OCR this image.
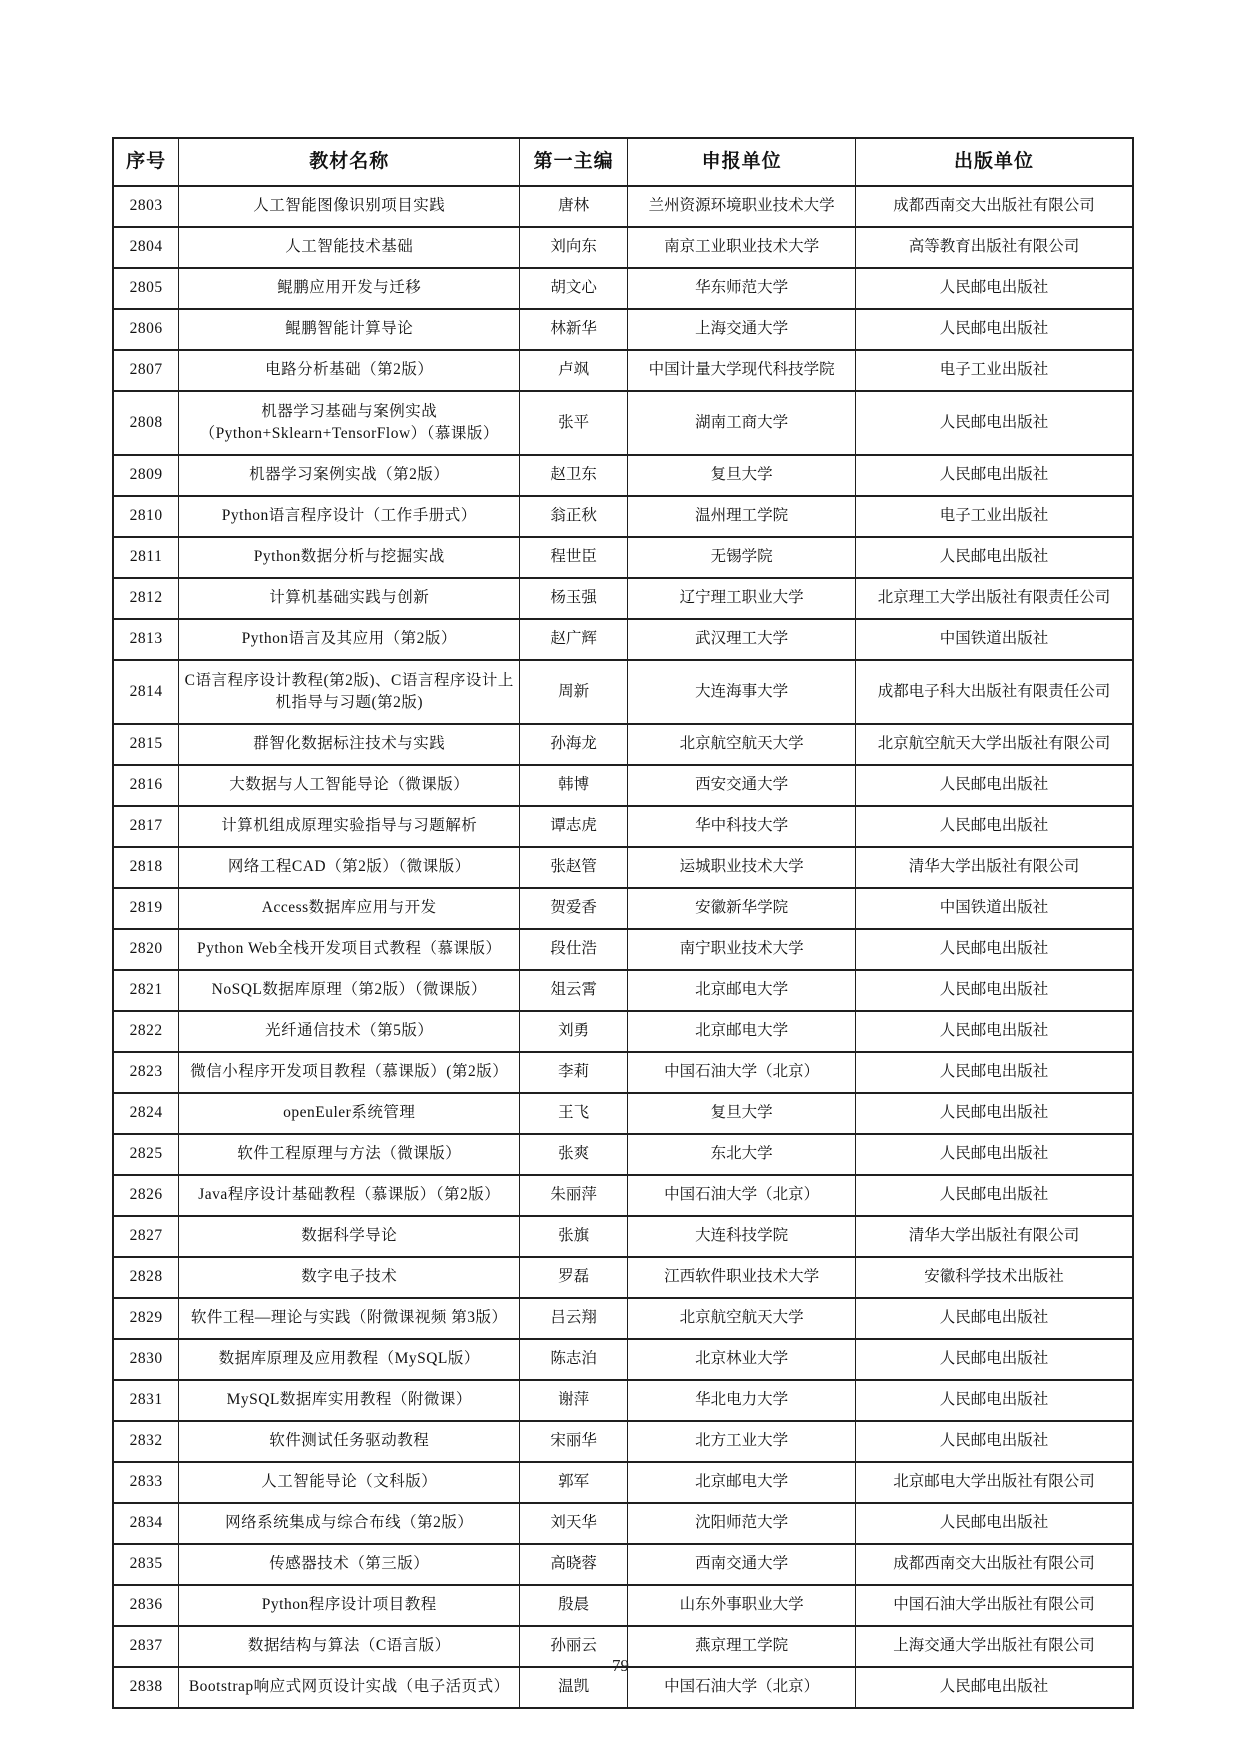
序号	教材名称	第一主编	申报单位	出版单位
2803	人工智能图像识别项目实践	唐林	兰州资源环境职业技术大学	成都西南交大出版社有限公司
2804	人工智能技术基础	刘向东	南京工业职业技术大学	高等教育出版社有限公司
2805	鲲鹏应用开发与迁移	胡文心	华东师范大学	人民邮电出版社
2806	鲲鹏智能计算导论	林新华	上海交通大学	人民邮电出版社
2807	电路分析基础（第2版）	卢飒	中国计量大学现代科技学院	电子工业出版社
2808	机器学习基础与案例实战
（Python+Sklearn+TensorFlow）（慕课版）	张平	湖南工商大学	人民邮电出版社
2809	机器学习案例实战（第2版）	赵卫东	复旦大学	人民邮电出版社
2810	Python语言程序设计（工作手册式）	翁正秋	温州理工学院	电子工业出版社
2811	Python数据分析与挖掘实战	程世臣	无锡学院	人民邮电出版社
2812	计算机基础实践与创新	杨玉强	辽宁理工职业大学	北京理工大学出版社有限责任公司
2813	Python语言及其应用（第2版）	赵广辉	武汉理工大学	中国铁道出版社
2814	C语言程序设计教程(第2版)、C语言程序设计上
机指导与习题(第2版)	周新	大连海事大学	成都电子科大出版社有限责任公司
2815	群智化数据标注技术与实践	孙海龙	北京航空航天大学	北京航空航天大学出版社有限公司
2816	大数据与人工智能导论（微课版）	韩博	西安交通大学	人民邮电出版社
2817	计算机组成原理实验指导与习题解析	谭志虎	华中科技大学	人民邮电出版社
2818	网络工程CAD（第2版）（微课版）	张赵管	运城职业技术大学	清华大学出版社有限公司
2819	Access数据库应用与开发	贺爱香	安徽新华学院	中国铁道出版社
2820	Python Web全栈开发项目式教程（慕课版）	段仕浩	南宁职业技术大学	人民邮电出版社
2821	NoSQL数据库原理（第2版）（微课版）	俎云霄	北京邮电大学	人民邮电出版社
2822	光纤通信技术（第5版）	刘勇	北京邮电大学	人民邮电出版社
2823	微信小程序开发项目教程（慕课版）(第2版）	李莉	中国石油大学（北京）	人民邮电出版社
2824	openEuler系统管理	王飞	复旦大学	人民邮电出版社
2825	软件工程原理与方法（微课版）	张爽	东北大学	人民邮电出版社
2826	Java程序设计基础教程（慕课版）（第2版）	朱丽萍	中国石油大学（北京）	人民邮电出版社
2827	数据科学导论	张旗	大连科技学院	清华大学出版社有限公司
2828	数字电子技术	罗磊	江西软件职业技术大学	安徽科学技术出版社
2829	软件工程—理论与实践（附微课视频 第3版）	吕云翔	北京航空航天大学	人民邮电出版社
2830	数据库原理及应用教程（MySQL版）	陈志泊	北京林业大学	人民邮电出版社
2831	MySQL数据库实用教程（附微课）	谢萍	华北电力大学	人民邮电出版社
2832	软件测试任务驱动教程	宋丽华	北方工业大学	人民邮电出版社
2833	人工智能导论（文科版）	郭军	北京邮电大学	北京邮电大学出版社有限公司
2834	网络系统集成与综合布线（第2版）	刘天华	沈阳师范大学	人民邮电出版社
2835	传感器技术（第三版）	高晓蓉	西南交通大学	成都西南交大出版社有限公司
2836	Python程序设计项目教程	殷晨	山东外事职业大学	中国石油大学出版社有限公司
2837	数据结构与算法（C语言版）	孙丽云	燕京理工学院	上海交通大学出版社有限公司
2838	Bootstrap响应式网页设计实战（电子活页式）	温凯	中国石油大学（北京）	人民邮电出版社
— 79 —
